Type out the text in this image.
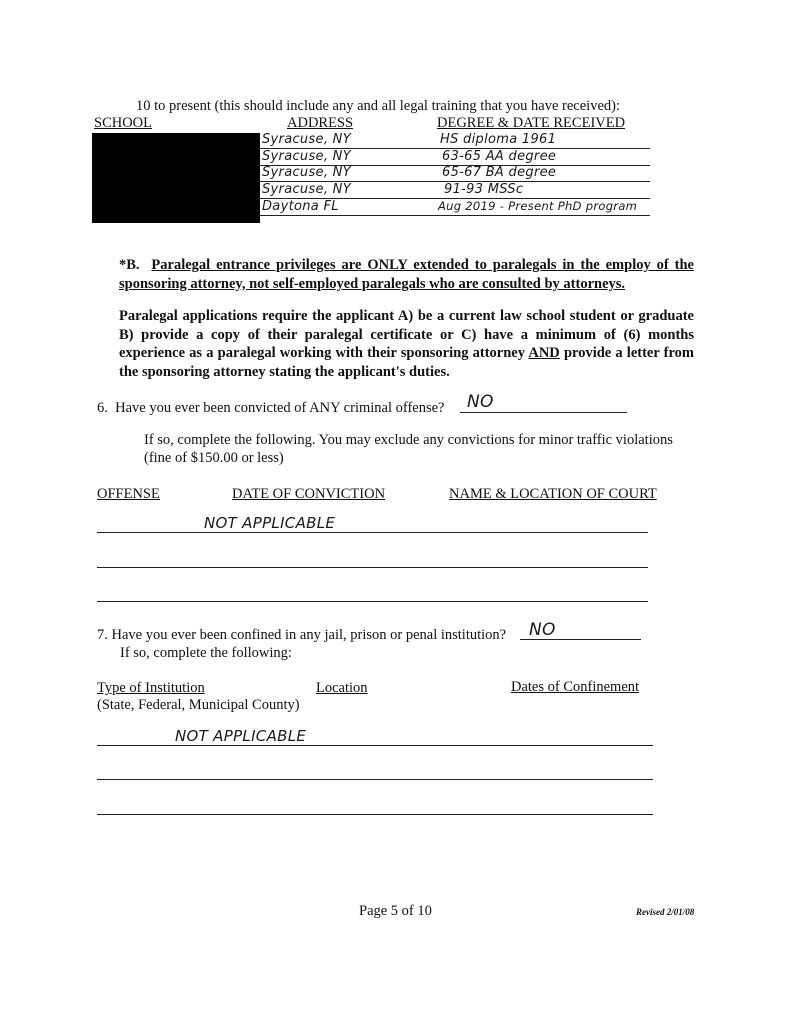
10 to present (this should include any and all legal training that you have received):
SCHOOL	ADDRESS	DEGREE & DATE RECEIVED
Syracuse, NY	HS diploma 1961
Syracuse, NY	63-65 AA degree
Syracuse, NY	65-67 BA degree
Syracuse, NY	91-93 MSSc
Daytona FL	Aug 2019 - Present PhD program
*B. Paralegal entrance privileges are ONLY extended to paralegals in the employ of the sponsoring attorney, not self-employed paralegals who are consulted by attorneys.
Paralegal applications require the applicant A) be a current law school student or graduate B) provide a copy of their paralegal certificate or C) have a minimum of (6) months experience as a paralegal working with their sponsoring attorney AND provide a letter from the sponsoring attorney stating the applicant's duties.
6. Have you ever been convicted of ANY criminal offense? NO
If so, complete the following. You may exclude any convictions for minor traffic violations (fine of $150.00 or less)
OFFENSE	DATE OF CONVICTION	NAME & LOCATION OF COURT
NOT APPLICABLE
7. Have you ever been confined in any jail, prison or penal institution? NO
If so, complete the following:
Type of Institution
(State, Federal, Municipal County)
Location	Dates of Confinement
NOT APPLICABLE
Page 5 of 10	Revised 2/01/08
